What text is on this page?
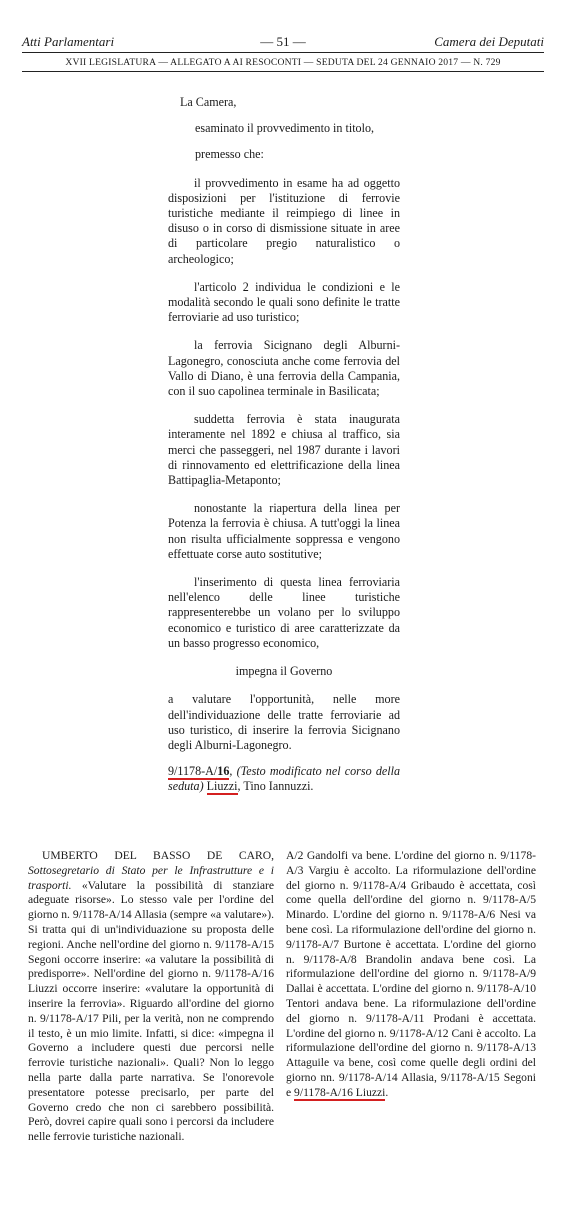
Atti Parlamentari	— 51 —	Camera dei Deputati
XVII LEGISLATURA — ALLEGATO A AI RESOCONTI — SEDUTA DEL 24 GENNAIO 2017 — N. 729

La Camera,

esaminato il provvedimento in titolo,

premesso che:

il provvedimento in esame ha ad oggetto disposizioni per l'istituzione di ferrovie turistiche mediante il reimpiego di linee in disuso o in corso di dismissione situate in aree di particolare pregio naturalistico o archeologico;

l'articolo 2 individua le condizioni e le modalità secondo le quali sono definite le tratte ferroviarie ad uso turistico;

la ferrovia Sicignano degli Alburni-Lagonegro, conosciuta anche come ferrovia del Vallo di Diano, è una ferrovia della Campania, con il suo capolinea terminale in Basilicata;

suddetta ferrovia è stata inaugurata interamente nel 1892 e chiusa al traffico, sia merci che passeggeri, nel 1987 durante i lavori di rinnovamento ed elettrificazione della linea Battipaglia-Metaponto;

nonostante la riapertura della linea per Potenza la ferrovia è chiusa. A tutt'oggi la linea non risulta ufficialmente soppressa e vengono effettuate corse auto sostitutive;

l'inserimento di questa linea ferroviaria nell'elenco delle linee turistiche rappresenterebbe un volano per lo sviluppo economico e turistico di aree caratterizzate da un basso progresso economico,

impegna il Governo

a valutare l'opportunità, nelle more dell'individuazione delle tratte ferroviarie ad uso turistico, di inserire la ferrovia Sicignano degli Alburni-Lagonegro.

9/1178-A/16, (Testo modificato nel corso della seduta) Liuzzi, Tino Iannuzzi.

UMBERTO DEL BASSO DE CARO, Sottosegretario di Stato per le Infrastrutture e i trasporti. «Valutare la possibilità di stanziare adeguate risorse». Lo stesso vale per l'ordine del giorno n. 9/1178-A/14 Allasia (sempre «a valutare»). Si tratta qui di un'individuazione su proposta delle regioni. Anche nell'ordine del giorno n. 9/1178-A/15 Segoni occorre inserire: «a valutare la possibilità di predisporre». Nell'ordine del giorno n. 9/1178-A/16 Liuzzi occorre inserire: «valutare la opportunità di inserire la ferrovia». Riguardo all'ordine del giorno n. 9/1178-A/17 Pili, per la verità, non ne comprendo il testo, è un mio limite. Infatti, si dice: «impegna il Governo a includere questi due percorsi nelle ferrovie turistiche nazionali». Quali? Non lo leggo nella parte dalla parte narrativa. Se l'onorevole presentatore potesse precisarlo, per parte del Governo credo che non ci sarebbero possibilità. Però, dovrei capire quali sono i percorsi da includere nelle ferrovie turistiche nazionali.

A/2 Gandolfi va bene. L'ordine del giorno n. 9/1178-A/3 Vargiu è accolto. La riformulazione dell'ordine del giorno n. 9/1178-A/4 Gribaudo è accettata, così come quella dell'ordine del giorno n. 9/1178-A/5 Minardo. L'ordine del giorno n. 9/1178-A/6 Nesi va bene così. La riformulazione dell'ordine del giorno n. 9/1178-A/7 Burtone è accettata. L'ordine del giorno n. 9/1178-A/8 Brandolin andava bene così. La riformulazione dell'ordine del giorno n. 9/1178-A/9 Dallai è accettata. L'ordine del giorno n. 9/1178-A/10 Tentori andava bene. La riformulazione dell'ordine del giorno n. 9/1178-A/11 Prodani è accettata. L'ordine del giorno n. 9/1178-A/12 Cani è accolto. La riformulazione dell'ordine del giorno n. 9/1178-A/13 Attaguile va bene, così come quelle degli ordini del giorno nn. 9/1178-A/14 Allasia, 9/1178-A/15 Segoni e 9/1178-A/16 Liuzzi.
